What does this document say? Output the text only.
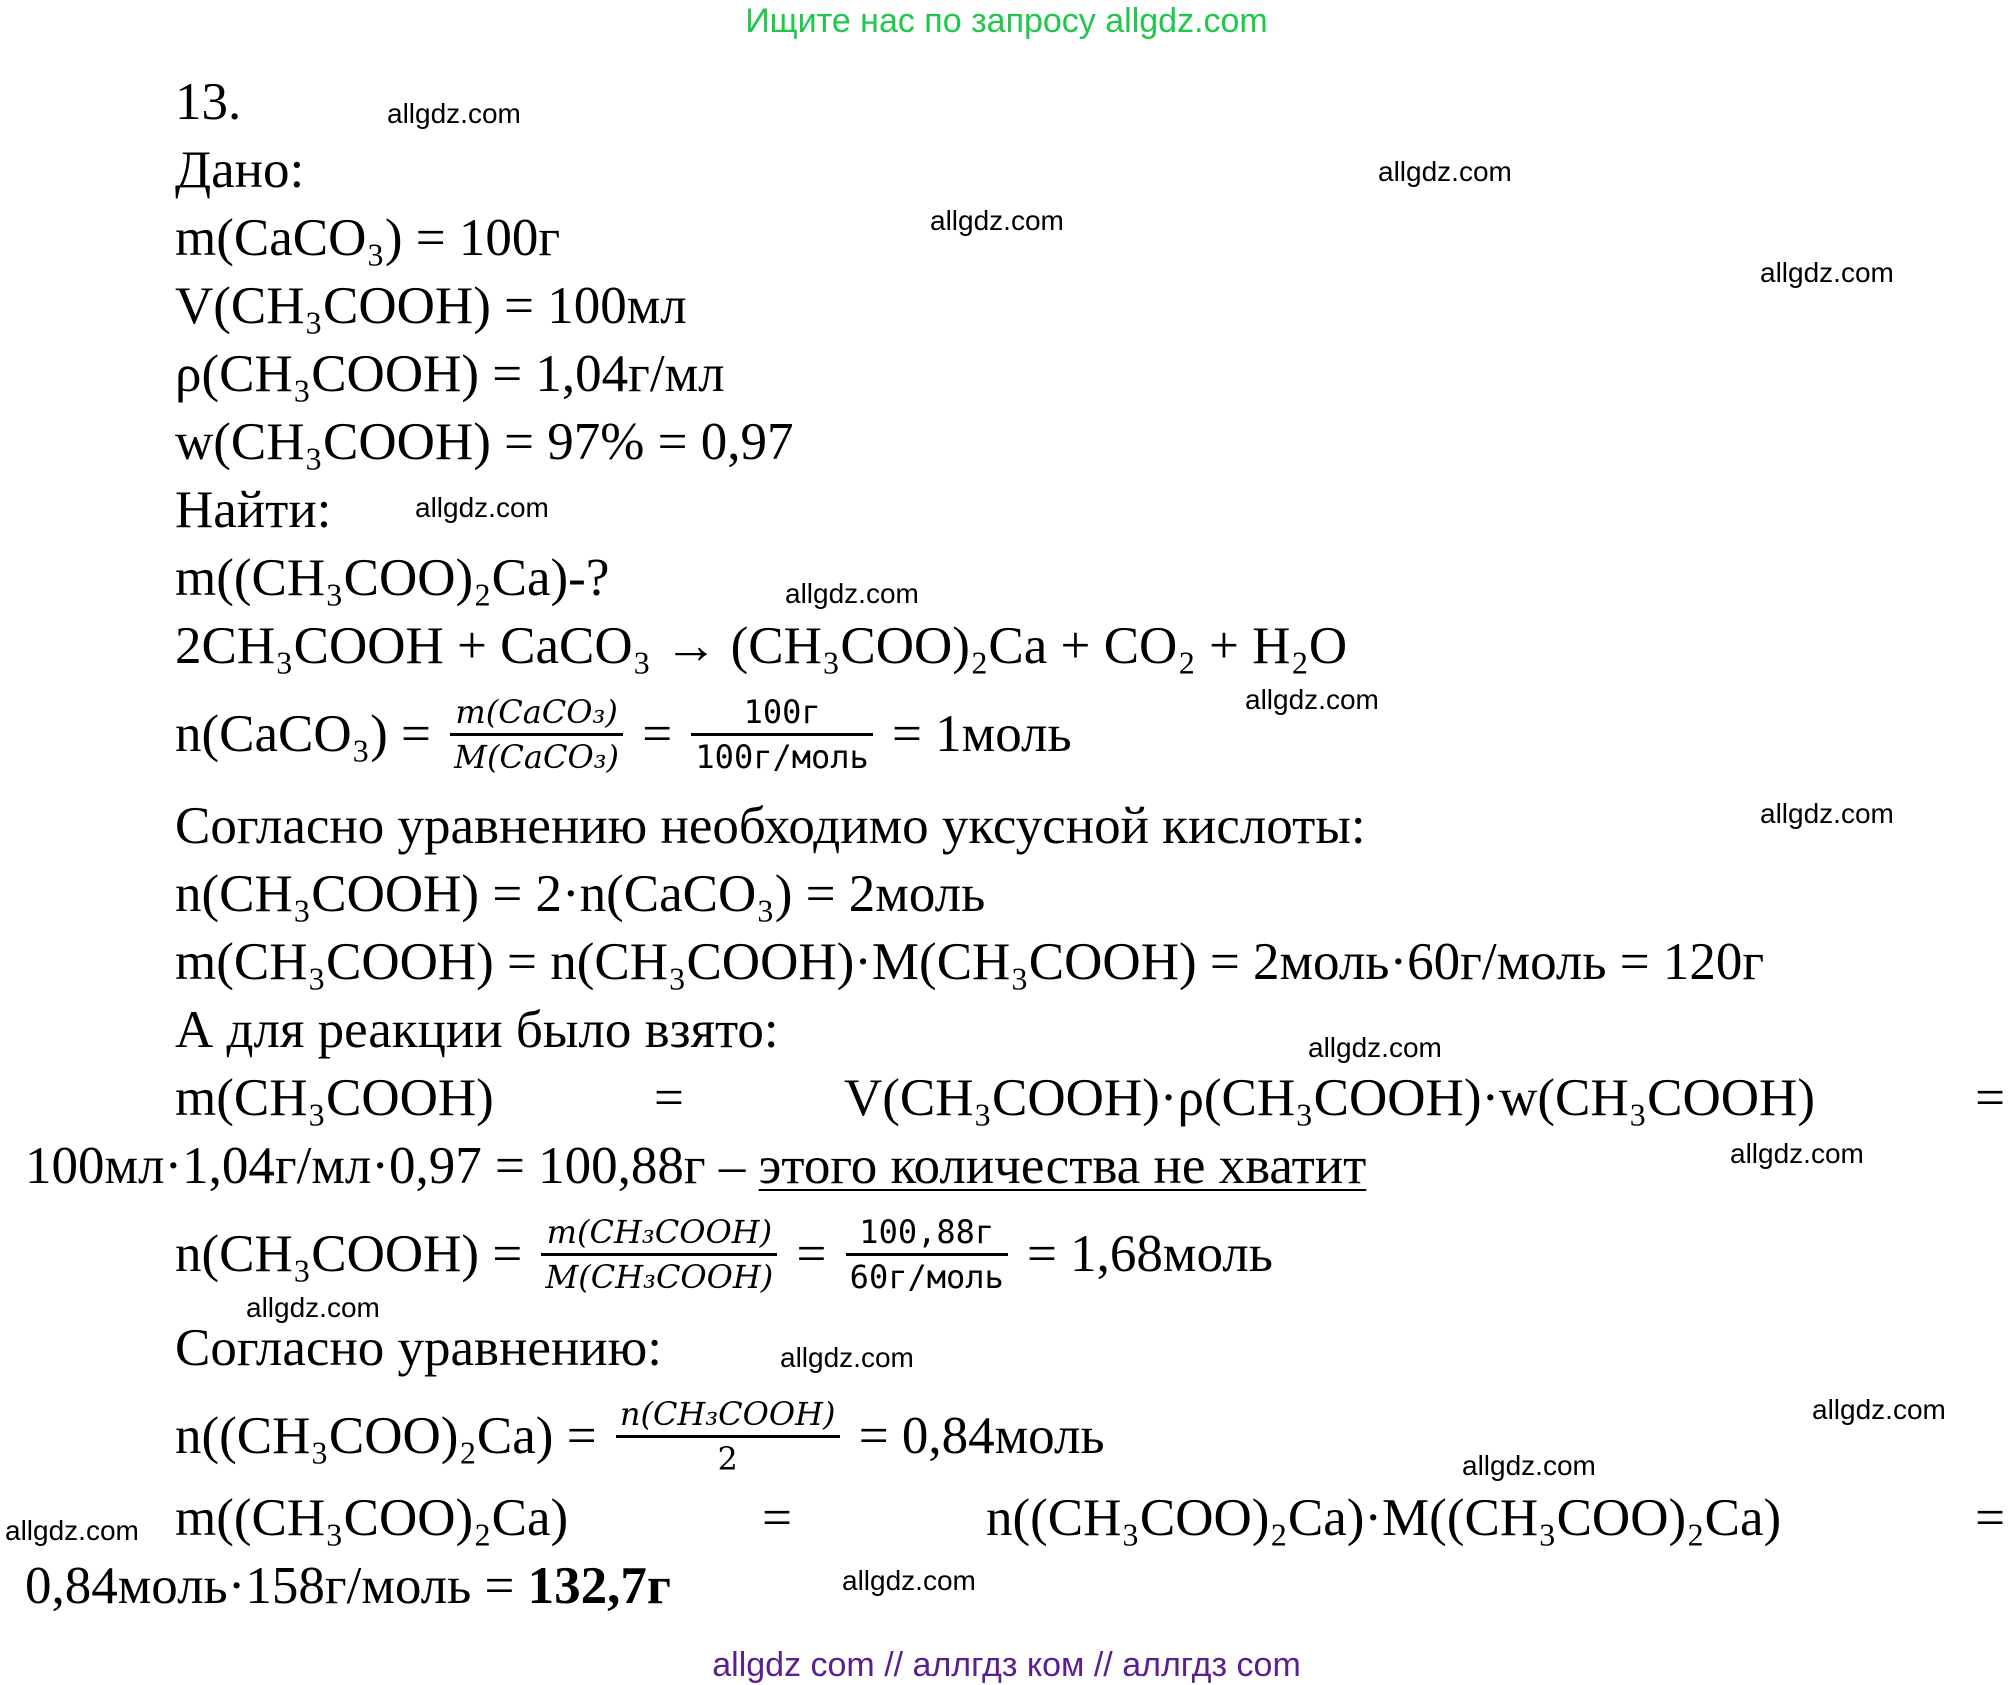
Ищите нас по запросу allgdz.com
allgdz.com
allgdz.com
allgdz.com
allgdz.com
allgdz.com
allgdz.com
allgdz.com
allgdz.com
allgdz.com
allgdz.com
allgdz.com
allgdz.com
allgdz.com
allgdz.com
allgdz.com
allgdz.com
13.
Дано:
m(CaCO₃) = 100г
V(CH₃COOH) = 100мл
ρ(CH₃COOH) = 1,04г/мл
w(CH₃COOH) = 97% = 0,97
Найти:
m((CH₃COO)₂Ca)-?
2CH₃COOH + CaCO₃ → (CH₃COO)₂Ca + CO₂ + H₂O
n(CaCO₃) = $\frac{\text{m(CaCO₃)}}{\text{M(CaCO₃)}} = \frac{100г}{\text{100г/моль}}$ = 1моль
Согласно уравнению необходимо уксусной кислоты:
n(CH₃COOH) = 2·n(CaCO₃) = 2моль
m(CH₃COOH) = n(CH₃COOH)·M(CH₃COOH) = 2моль·60г/моль = 120г
А для реакции было взято:
m(CH₃COOH)	=	V(CH₃COOH)·ρ(CH₃COOH)·w(CH₃COOH)	=
100мл·1,04г/мл·0,97 = 100,88г – этого количества не хватит
n(CH₃COOH) = $\frac{\text{m(CH₃COOH)}}{\text{M(CH₃COOH)}} = \frac{100,88г}{\text{60г/моль}}$ = 1,68моль
Согласно уравнению:
$n((CH_3COO)_2Ca) = \frac{\text{n(CH₃COOH)}}{2}$ = 0,84моль
m((CH₃COO)₂Ca)	=	n((CH₃COO)₂Ca)·M((CH₃COO)₂Ca)	=
0,84моль·158г/моль = 132,7г
allgdz com // аллгдз ком // аллгдз com
